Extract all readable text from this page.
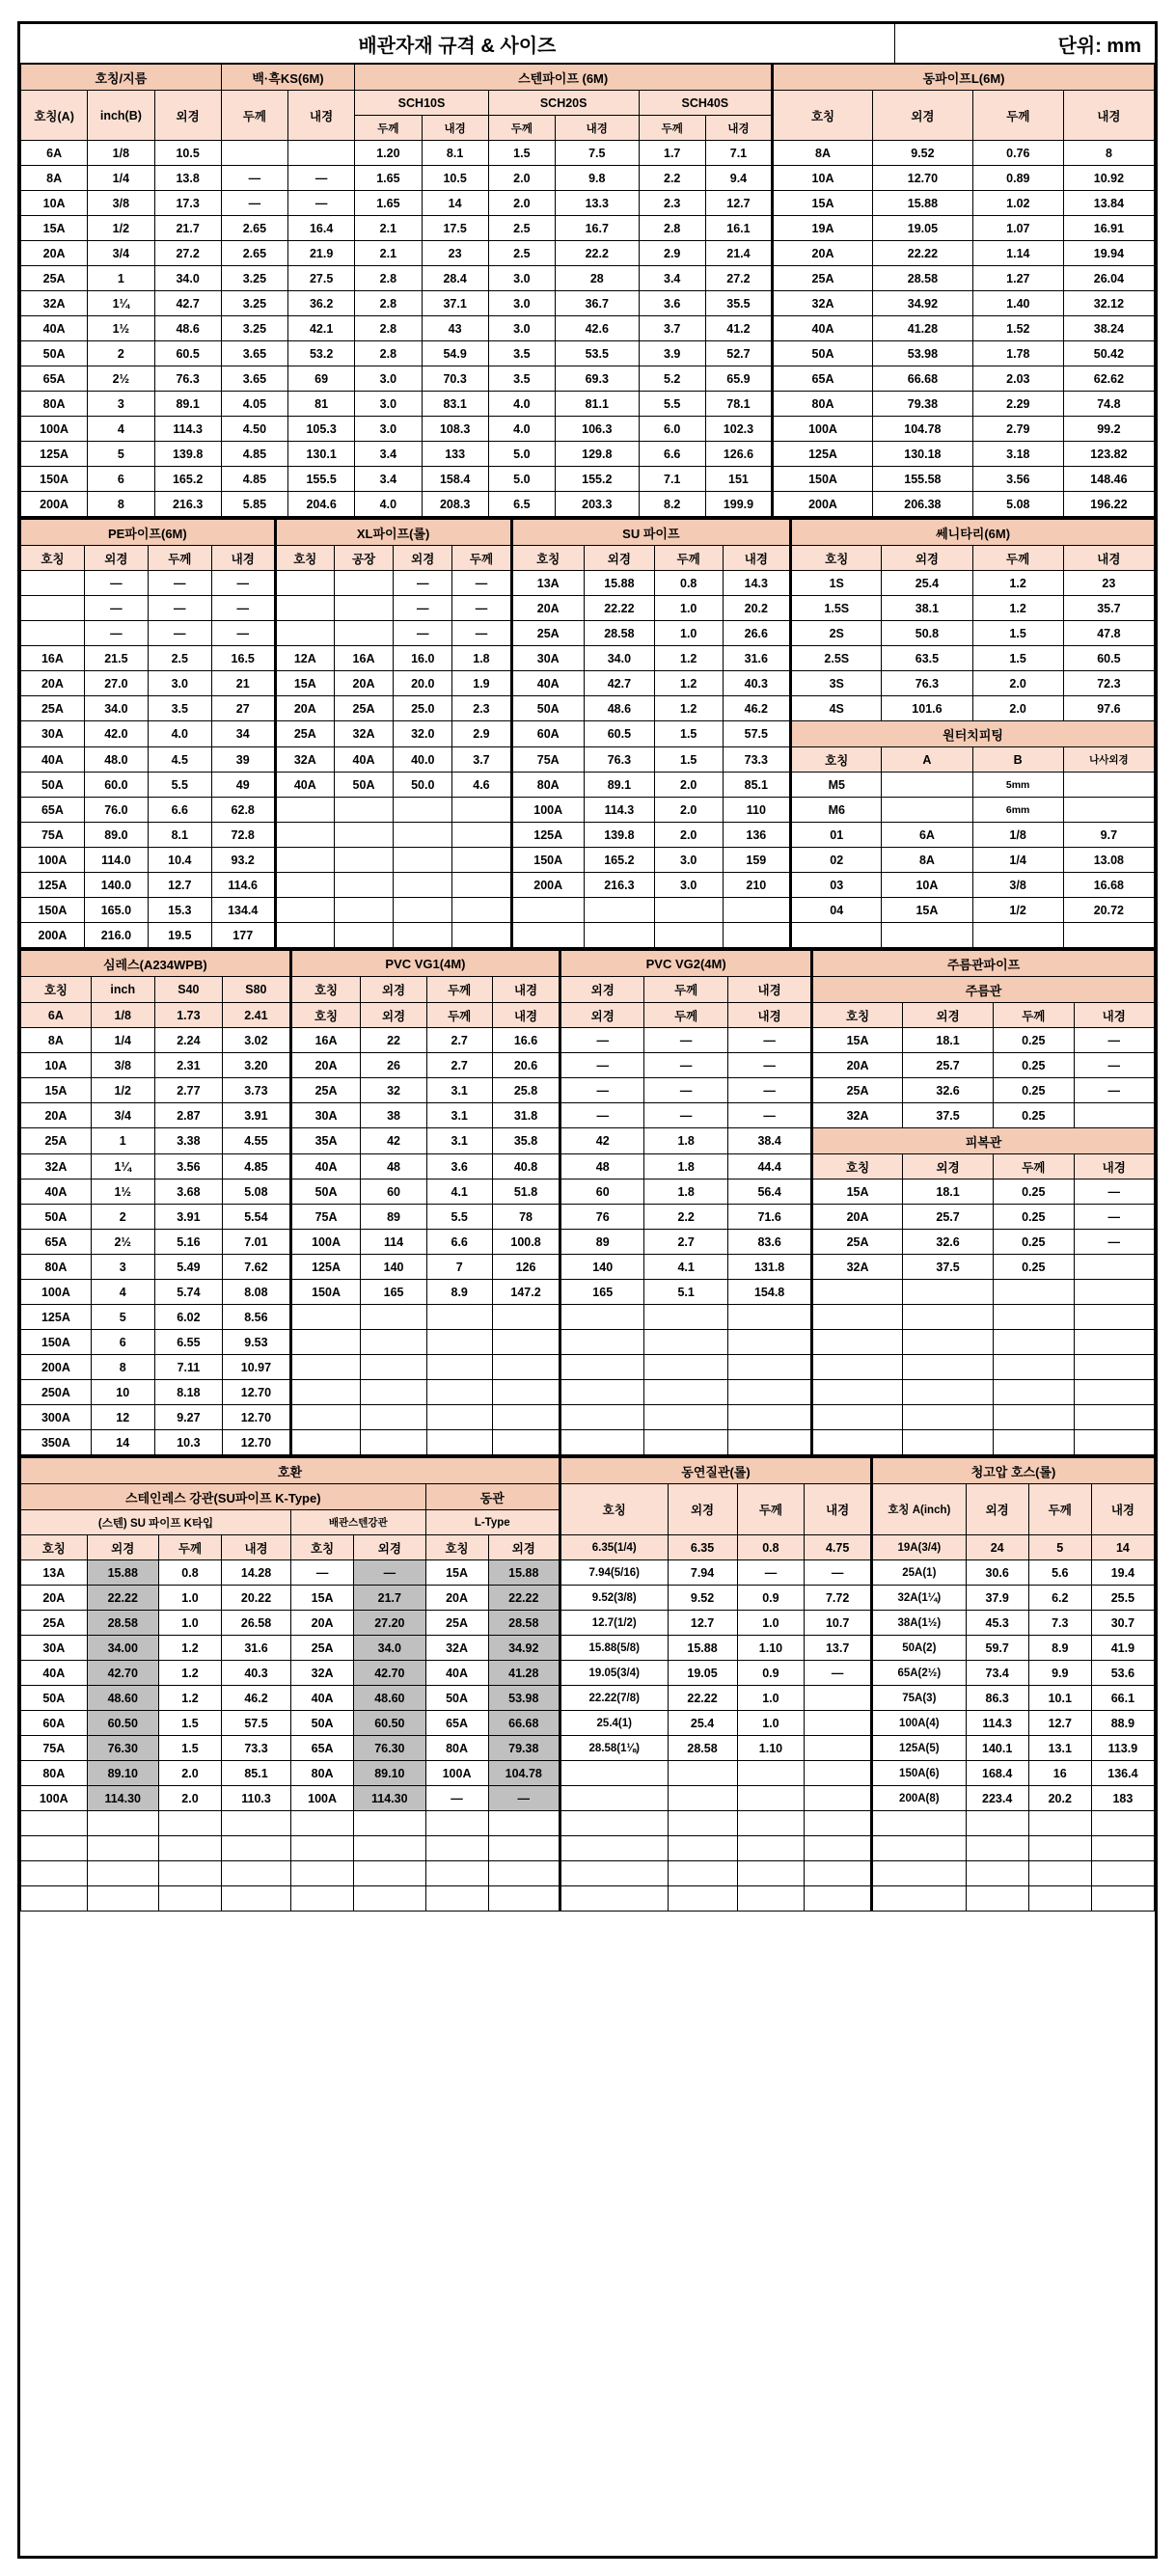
배관자재 규격 & 사이즈	단위: mm
호칭/지름			백·흑KS(6M)		스텐파이프 (6M)						동파이프L(6M)			
호칭(A)	inch(B)	외경	두께	내경	SCH10S		SCH20S		SCH40S		호칭	외경	두께	내경
					두께	내경	두께	내경	두께	내경				
6A	1/8	10.5			1.20	8.1	1.5	7.5	1.7	7.1	8A	9.52	0.76	8
8A	1/4	13.8	—	—	1.65	10.5	2.0	9.8	2.2	9.4	10A	12.70	0.89	10.92
10A	3/8	17.3	—	—	1.65	14	2.0	13.3	2.3	12.7	15A	15.88	1.02	13.84
15A	1/2	21.7	2.65	16.4	2.1	17.5	2.5	16.7	2.8	16.1	19A	19.05	1.07	16.91
20A	3/4	27.2	2.65	21.9	2.1	23	2.5	22.2	2.9	21.4	20A	22.22	1.14	19.94
25A	1	34.0	3.25	27.5	2.8	28.4	3.0	28	3.4	27.2	25A	28.58	1.27	26.04
32A	1¼	42.7	3.25	36.2	2.8	37.1	3.0	36.7	3.6	35.5	32A	34.92	1.40	32.12
40A	1½	48.6	3.25	42.1	2.8	43	3.0	42.6	3.7	41.2	40A	41.28	1.52	38.24
50A	2	60.5	3.65	53.2	2.8	54.9	3.5	53.5	3.9	52.7	50A	53.98	1.78	50.42
65A	2½	76.3	3.65	69	3.0	70.3	3.5	69.3	5.2	65.9	65A	66.68	2.03	62.62
80A	3	89.1	4.05	81	3.0	83.1	4.0	81.1	5.5	78.1	80A	79.38	2.29	74.8
100A	4	114.3	4.50	105.3	3.0	108.3	4.0	106.3	6.0	102.3	100A	104.78	2.79	99.2
125A	5	139.8	4.85	130.1	3.4	133	5.0	129.8	6.6	126.6	125A	130.18	3.18	123.82
150A	6	165.2	4.85	155.5	3.4	158.4	5.0	155.2	7.1	151	150A	155.58	3.56	148.46
200A	8	216.3	5.85	204.6	4.0	208.3	6.5	203.3	8.2	199.9	200A	206.38	5.08	196.22
PE파이프(6M)				XL파이프(롤)				SU 파이프				쎄니타리(6M)			
호칭	외경	두께	내경	호칭	공장	외경	두께	호칭	외경	두께	내경	호칭	외경	두께	내경
	—	—	—			—	—	13A	15.88	0.8	14.3	1S	25.4	1.2	23
	—	—	—			—	—	20A	22.22	1.0	20.2	1.5S	38.1	1.2	35.7
	—	—	—			—	—	25A	28.58	1.0	26.6	2S	50.8	1.5	47.8
16A	21.5	2.5	16.5	12A	16A	16.0	1.8	30A	34.0	1.2	31.6	2.5S	63.5	1.5	60.5
20A	27.0	3.0	21	15A	20A	20.0	1.9	40A	42.7	1.2	40.3	3S	76.3	2.0	72.3
25A	34.0	3.5	27	20A	25A	25.0	2.3	50A	48.6	1.2	46.2	4S	101.6	2.0	97.6
30A	42.0	4.0	34	25A	32A	32.0	2.9	60A	60.5	1.5	57.5	원터치피팅			
40A	48.0	4.5	39	32A	40A	40.0	3.7	75A	76.3	1.5	73.3	호칭	A	B	나사외경
50A	60.0	5.5	49	40A	50A	50.0	4.6	80A	89.1	2.0	85.1	M5		5mm	
65A	76.0	6.6	62.8					100A	114.3	2.0	110	M6		6mm	
75A	89.0	8.1	72.8					125A	139.8	2.0	136	01	6A	1/8	9.7
100A	114.0	10.4	93.2					150A	165.2	3.0	159	02	8A	1/4	13.08
125A	140.0	12.7	114.6					200A	216.3	3.0	210	03	10A	3/8	16.68
150A	165.0	15.3	134.4									04	15A	1/2	20.72
200A	216.0	19.5	177												
심레스(A234WPB)				PVC VG1(4M)				PVC VG2(4M)			주름관파이프			
호칭	inch	S40	S80	호칭	외경	두께	내경	외경	두께	내경	주름관			
6A	1/8	1.73	2.41	호칭	외경	두께	내경	외경	두께	내경	호칭	외경	두께	내경
8A	1/4	2.24	3.02	16A	22	2.7	16.6	—	—	—	15A	18.1	0.25	—
10A	3/8	2.31	3.20	20A	26	2.7	20.6	—	—	—	20A	25.7	0.25	—
15A	1/2	2.77	3.73	25A	32	3.1	25.8	—	—	—	25A	32.6	0.25	—
20A	3/4	2.87	3.91	30A	38	3.1	31.8	—	—	—	32A	37.5	0.25	
25A	1	3.38	4.55	35A	42	3.1	35.8	42	1.8	38.4	피복관			
32A	1¼	3.56	4.85	40A	48	3.6	40.8	48	1.8	44.4	호칭	외경	두께	내경
40A	1½	3.68	5.08	50A	60	4.1	51.8	60	1.8	56.4	15A	18.1	0.25	—
50A	2	3.91	5.54	75A	89	5.5	78	76	2.2	71.6	20A	25.7	0.25	—
65A	2½	5.16	7.01	100A	114	6.6	100.8	89	2.7	83.6	25A	32.6	0.25	—
80A	3	5.49	7.62	125A	140	7	126	140	4.1	131.8	32A	37.5	0.25	
100A	4	5.74	8.08	150A	165	8.9	147.2	165	5.1	154.8				
125A	5	6.02	8.56											
150A	6	6.55	9.53											
200A	8	7.11	10.97											
250A	10	8.18	12.70											
300A	12	9.27	12.70											
350A	14	10.3	12.70											
호환								동연질관(롤)				청고압 호스(롤)			
스테인레스 강관(SU파이프 K-Type)						동관		호칭	외경	두께	내경	호칭 A(inch)	외경	두께	내경
(스텐) SU 파이프 K타입				배관스텐강관		L-Type									
호칭	외경	두께	내경	호칭	외경	호칭	외경	6.35(1/4)	6.35	0.8	4.75	19A(3/4)	24	5	14
13A	15.88	0.8	14.28	—	—	15A	15.88	7.94(5/16)	7.94	—	—	25A(1)	30.6	5.6	19.4
20A	22.22	1.0	20.22	15A	21.7	20A	22.22	9.52(3/8)	9.52	0.9	7.72	32A(1¼)	37.9	6.2	25.5
25A	28.58	1.0	26.58	20A	27.20	25A	28.58	12.7(1/2)	12.7	1.0	10.7	38A(1½)	45.3	7.3	30.7
30A	34.00	1.2	31.6	25A	34.0	32A	34.92	15.88(5/8)	15.88	1.10	13.7	50A(2)	59.7	8.9	41.9
40A	42.70	1.2	40.3	32A	42.70	40A	41.28	19.05(3/4)	19.05	0.9	—	65A(2½)	73.4	9.9	53.6
50A	48.60	1.2	46.2	40A	48.60	50A	53.98	22.22(7/8)	22.22	1.0		75A(3)	86.3	10.1	66.1
60A	60.50	1.5	57.5	50A	60.50	65A	66.68	25.4(1)	25.4	1.0		100A(4)	114.3	12.7	88.9
75A	76.30	1.5	73.3	65A	76.30	80A	79.38	28.58(1⅛)	28.58	1.10		125A(5)	140.1	13.1	113.9
80A	89.10	2.0	85.1	80A	89.10	100A	104.78					150A(6)	168.4	16	136.4
100A	114.30	2.0	110.3	100A	114.30	—	—					200A(8)	223.4	20.2	183
